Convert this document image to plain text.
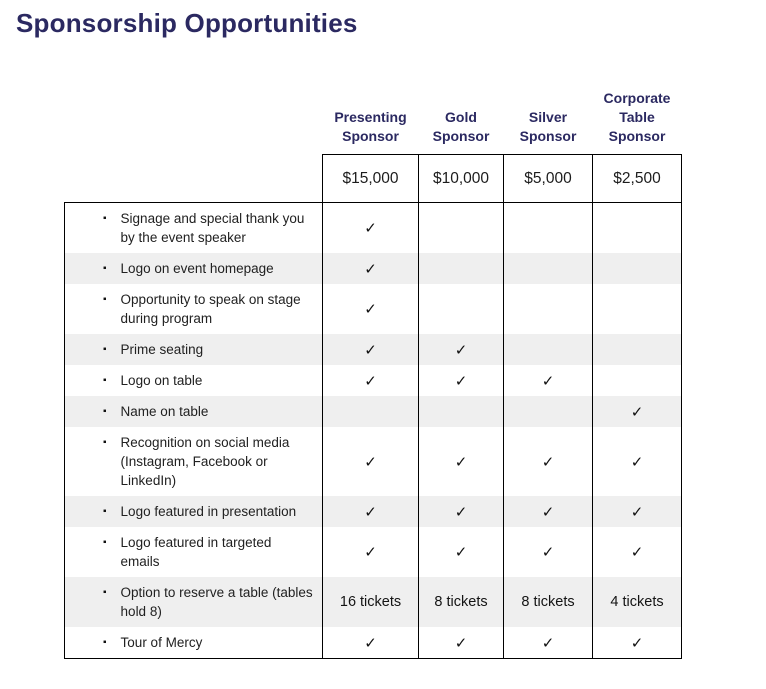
Sponsorship Opportunities
	Presenting Sponsor	Gold Sponsor	Silver Sponsor	Corporate Table Sponsor
	$15,000	$10,000	$5,000	$2,500

▪ Signage and special thank you by the event speaker	✓			

▪ Logo on event homepage	✓			

▪ Opportunity to speak on stage during program	✓			

▪ Prime seating	✓	✓		

▪ Logo on table	✓	✓	✓	

▪ Name on table				✓

▪ Recognition on social media (Instagram, Facebook or LinkedIn)	✓	✓	✓	✓

▪ Logo featured in presentation	✓	✓	✓	✓

▪ Logo featured in targeted emails	✓	✓	✓	✓

▪ Option to reserve a table (tables hold 8)	16 tickets	8 tickets	8 tickets	4 tickets

▪ Tour of Mercy	✓	✓	✓	✓
